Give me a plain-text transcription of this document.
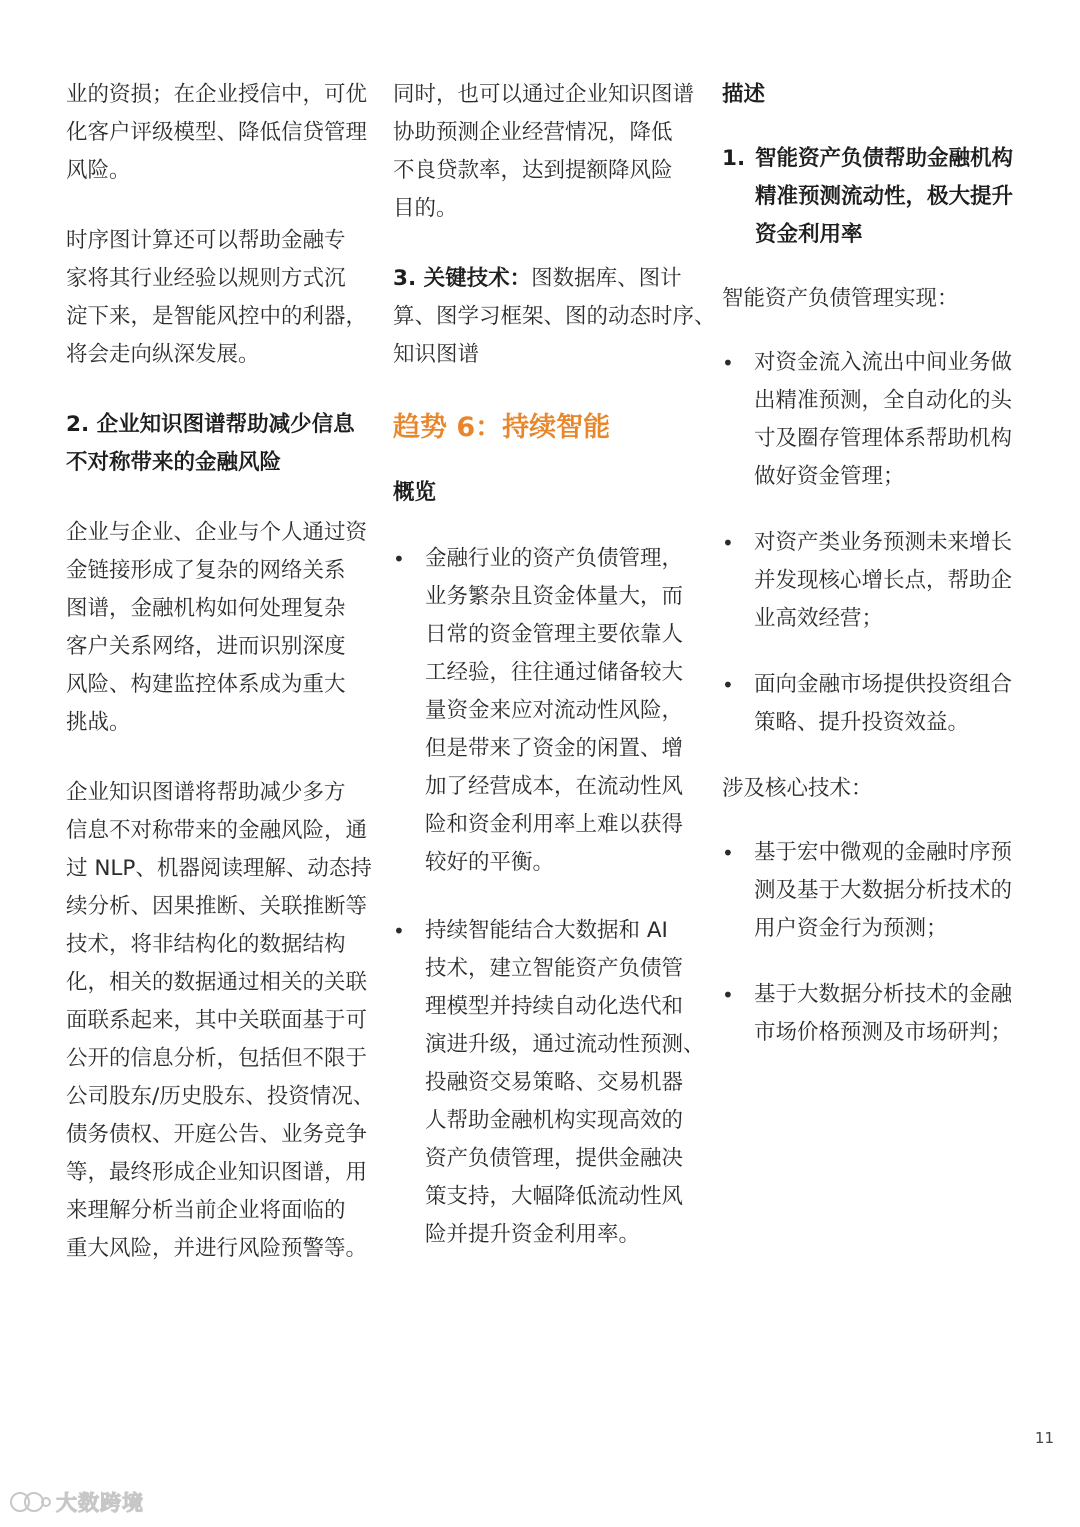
业的资损；在企业授信中，可优
化客户评级模型、降低信贷管理
风险。

时序图计算还可以帮助金融专
家将其行业经验以规则方式沉
淀下来，是智能风控中的利器，
将会走向纵深发展。

2. 企业知识图谱帮助减少信息
不对称带来的金融风险

企业与企业、企业与个人通过资
金链接形成了复杂的网络关系
图谱，金融机构如何处理复杂
客户关系网络，进而识别深度
风险、构建监控体系成为重大
挑战。

企业知识图谱将帮助减少多方
信息不对称带来的金融风险，通
过 NLP、机器阅读理解、动态持
续分析、因果推断、关联推断等
技术，将非结构化的数据结构
化，相关的数据通过相关的关联
面联系起来，其中关联面基于可
公开的信息分析，包括但不限于
公司股东/历史股东、投资情况、
债务债权、开庭公告、业务竞争
等，最终形成企业知识图谱，用
来理解分析当前企业将面临的
重大风险，并进行风险预警等。

同时，也可以通过企业知识图谱
协助预测企业经营情况，降低
不良贷款率，达到提额降风险
目的。

3. 关键技术：图数据库、图计
算、图学习框架、图的动态时序、
知识图谱

趋势 6：持续智能

概览

• 金融行业的资产负债管理，
业务繁杂且资金体量大，而
日常的资金管理主要依靠人
工经验，往往通过储备较大
量资金来应对流动性风险，
但是带来了资金的闲置、增
加了经营成本，在流动性风
险和资金利用率上难以获得
较好的平衡。
• 持续智能结合大数据和 AI
技术，建立智能资产负债管
理模型并持续自动化迭代和
演进升级，通过流动性预测、
投融资交易策略、交易机器
人帮助金融机构实现高效的
资产负债管理，提供金融决
策支持，大幅降低流动性风
险并提升资金利用率。

描述

1. 智能资产负债帮助金融机构
精准预测流动性，极大提升
资金利用率

智能资产负债管理实现：

• 对资金流入流出中间业务做
出精准预测，全自动化的头
寸及圈存管理体系帮助机构
做好资金管理；
• 对资产类业务预测未来增长
并发现核心增长点，帮助企
业高效经营；
• 面向金融市场提供投资组合
策略、提升投资效益。

涉及核心技术：

• 基于宏中微观的金融时序预
测及基于大数据分析技术的
用户资金行为预测；
• 基于大数据分析技术的金融
市场价格预测及市场研判；
11
大数跨境
